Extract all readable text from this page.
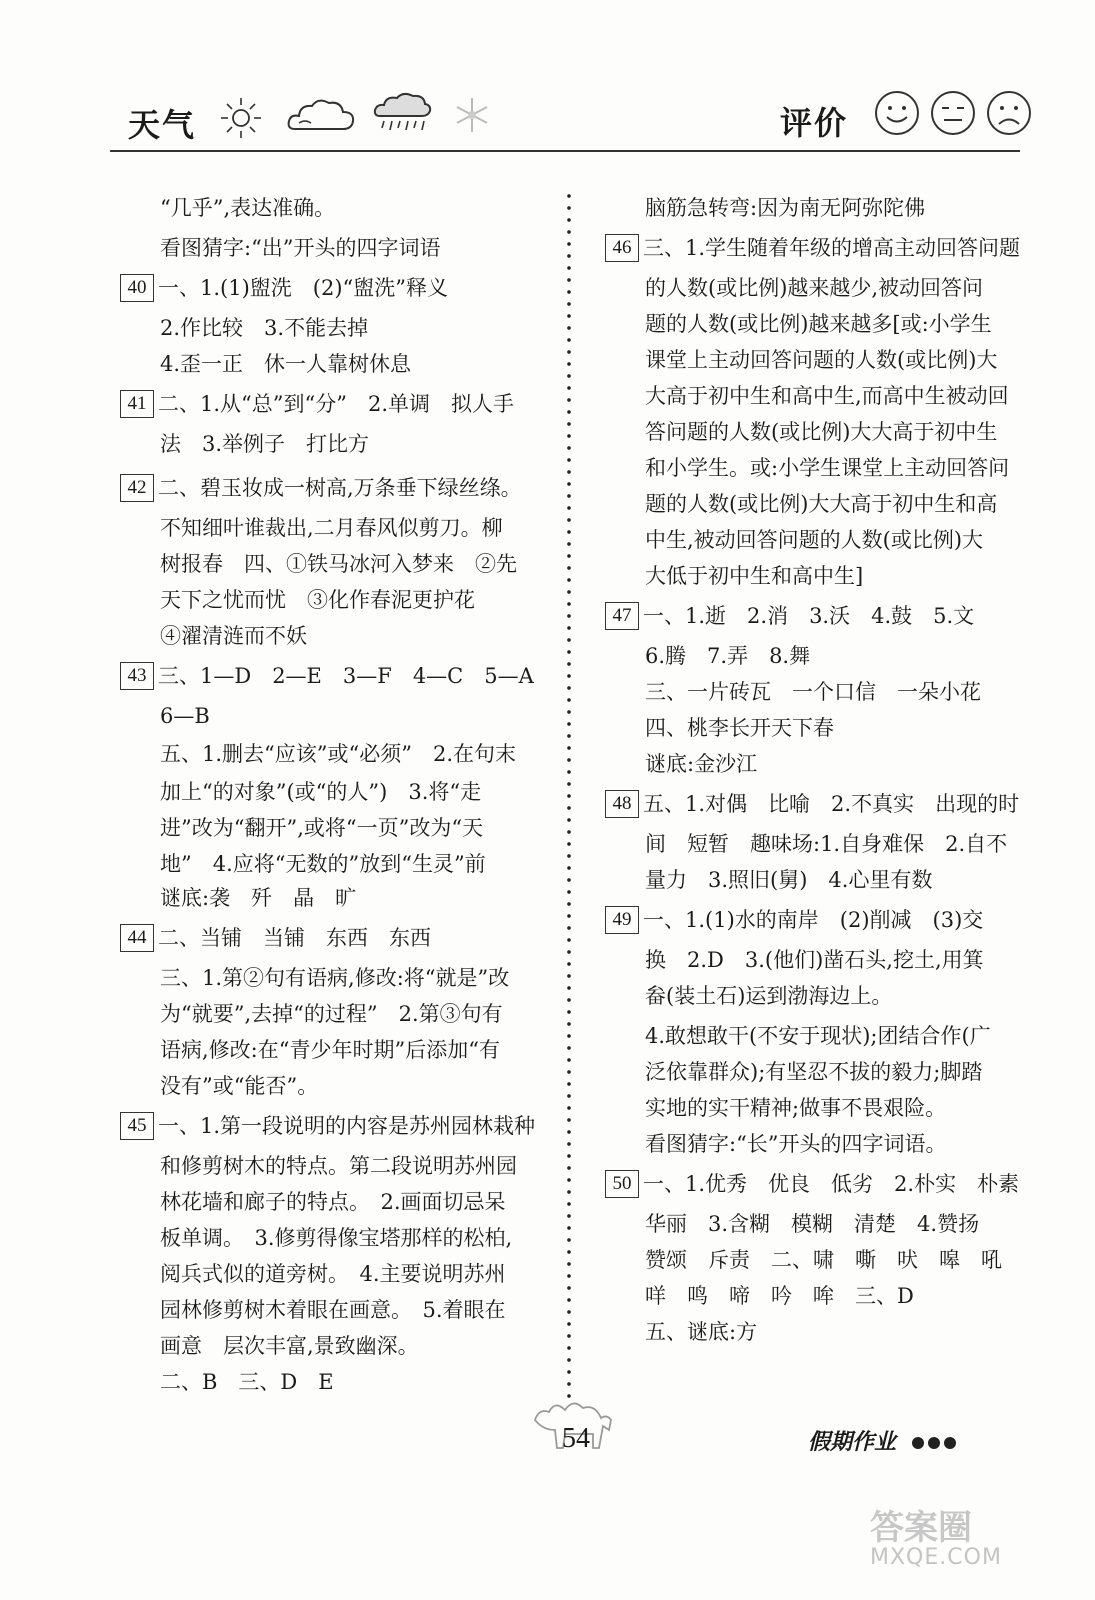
天气	评价
“几乎”,表达准确。
看图猜字:“出”开头的四字词语
40 一、1.(1)盥洗　(2)“盥洗”释义
2.作比较　3.不能去掉
4.歪一正　休一人靠树休息
41 二、1.从“总”到“分”　2.单调　拟人手
法　3.举例子　打比方
42 二、碧玉妆成一树高,万条垂下绿丝绦。
不知细叶谁裁出,二月春风似剪刀。柳
树报春　四、①铁马冰河入梦来　②先
天下之忧而忧　③化作春泥更护花
④濯清涟而不妖
43 三、1—D　2—E　3—F　4—C　5—A
6—B
五、1.删去“应该”或“必须”　2.在句末
加上“的对象”(或“的人”)　3.将“走
进”改为“翻开”,或将“一页”改为“天
地”　4.应将“无数的”放到“生灵”前
谜底:袭　歼　晶　旷
44 二、当铺　当铺　东西　东西
三、1.第②句有语病,修改:将“就是”改
为“就要”,去掉“的过程”　2.第③句有
语病,修改:在“青少年时期”后添加“有
没有”或“能否”。
45 一、1.第一段说明的内容是苏州园林栽种
和修剪树木的特点。第二段说明苏州园
林花墙和廊子的特点。　2.画面切忌呆
板单调。　3.修剪得像宝塔那样的松柏,
阅兵式似的道旁树。　4.主要说明苏州
园林修剪树木着眼在画意。　5.着眼在
画意　层次丰富,景致幽深。
二、B　三、D　E
脑筋急转弯:因为南无阿弥陀佛
46 三、1.学生随着年级的增高主动回答问题
的人数(或比例)越来越少,被动回答问
题的人数(或比例)越来越多[或:小学生
课堂上主动回答问题的人数(或比例)大
大高于初中生和高中生,而高中生被动回
答问题的人数(或比例)大大高于初中生
和小学生。或:小学生课堂上主动回答问
题的人数(或比例)大大高于初中生和高
中生,被动回答问题的人数(或比例)大
大低于初中生和高中生]
47 一、1.逝　2.消　3.沃　4.鼓　5.文
6.腾　7.弄　8.舞
三、一片砖瓦　一个口信　一朵小花
四、桃李长开天下春
谜底:金沙江
48 五、1.对偶　比喻　2.不真实　出现的时
间　短暂　趣味场:1.自身难保　2.自不
量力　3.照旧(舅)　4.心里有数
49 一、1.(1)水的南岸　(2)削减　(3)交
换　2.D　3.(他们)凿石头,挖土,用箕
畚(装土石)运到渤海边上。
4.敢想敢干(不安于现状);团结合作(广
泛依靠群众);有坚忍不拔的毅力;脚踏
实地的实干精神;做事不畏艰险。
看图猜字:“长”开头的四字词语。
50 一、1.优秀　优良　低劣　2.朴实　朴素
华丽　3.含糊　模糊　清楚　4.赞扬
赞颂　斥责　二、啸　嘶　吠　嗥　吼
咩　鸣　啼　吟　哞　三、D
五、谜底:方
54	假期作业
答案圈
MXQE.COM
